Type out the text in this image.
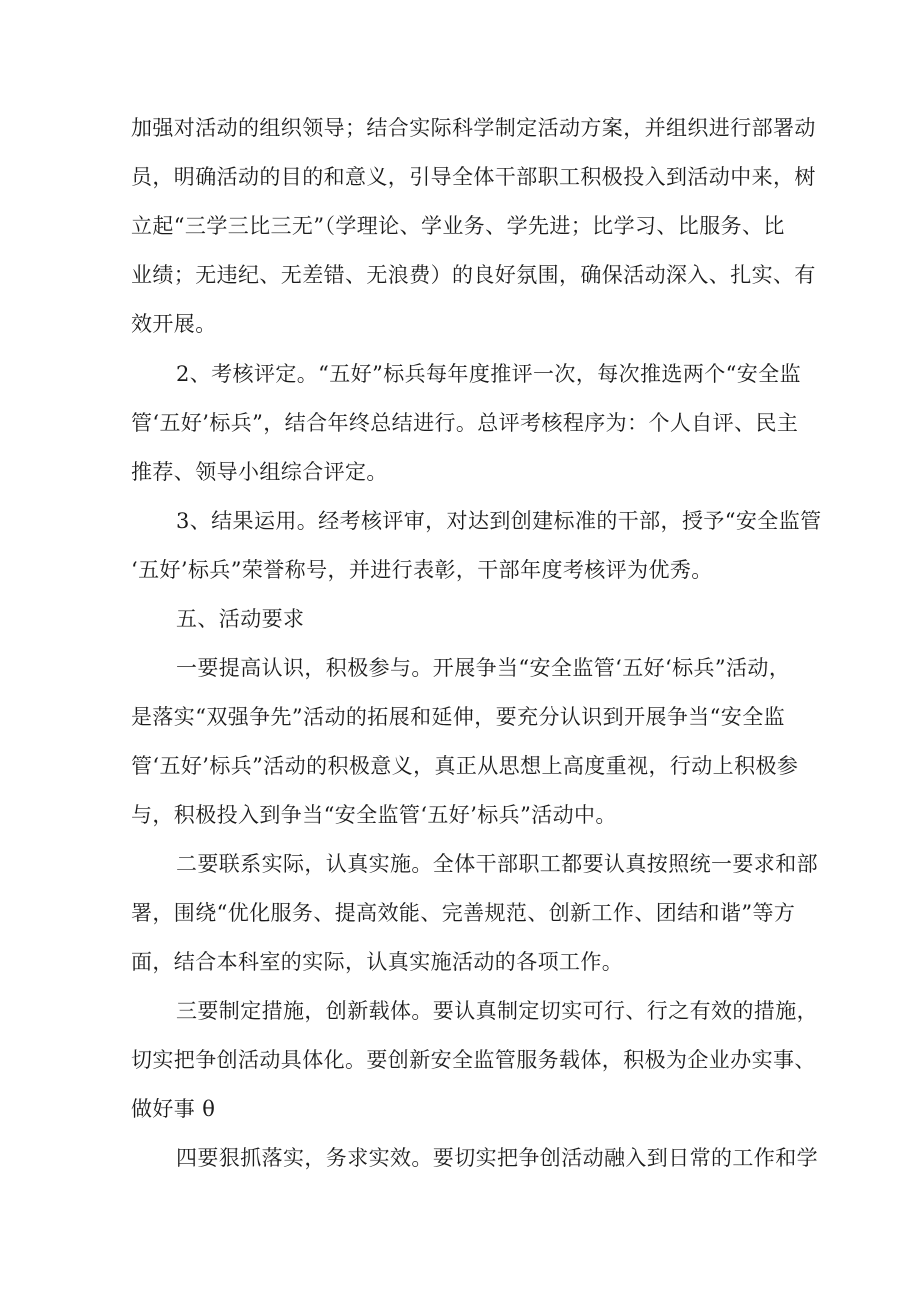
加强对活动的组织领导；结合实际科学制定活动方案，并组织进行部署动

员，明确活动的目的和意义，引导全体干部职工积极投入到活动中来，树

立起“三学三比三无”（学理论、学业务、学先进；比学习、比服务、比

业绩；无违纪、无差错、无浪费）的良好氛围，确保活动深入、扎实、有

效开展。

2、考核评定。“五好”标兵每年度推评一次，每次推选两个“安全监

管‘五好’标兵”，结合年终总结进行。总评考核程序为：个人自评、民主

推荐、领导小组综合评定。

3、结果运用。经考核评审，对达到创建标准的干部，授予“安全监管

‘五好’标兵”荣誉称号，并进行表彰，干部年度考核评为优秀。

五、活动要求

一要提高认识，积极参与。开展争当“安全监管‘五好‘标兵”活动，

是落实“双强争先”活动的拓展和延伸，要充分认识到开展争当“安全监

管‘五好’标兵”活动的积极意义，真正从思想上高度重视，行动上积极参

与，积极投入到争当“安全监管‘五好’标兵”活动中。

二要联系实际，认真实施。全体干部职工都要认真按照统一要求和部

署，围绕“优化服务、提高效能、完善规范、创新工作、团结和谐”等方

面，结合本科室的实际，认真实施活动的各项工作。

三要制定措施，创新载体。要认真制定切实可行、行之有效的措施，

切实把争创活动具体化。要创新安全监管服务载体，积极为企业办实事、

做好事 θ

四要狠抓落实，务求实效。要切实把争创活动融入到日常的工作和学
